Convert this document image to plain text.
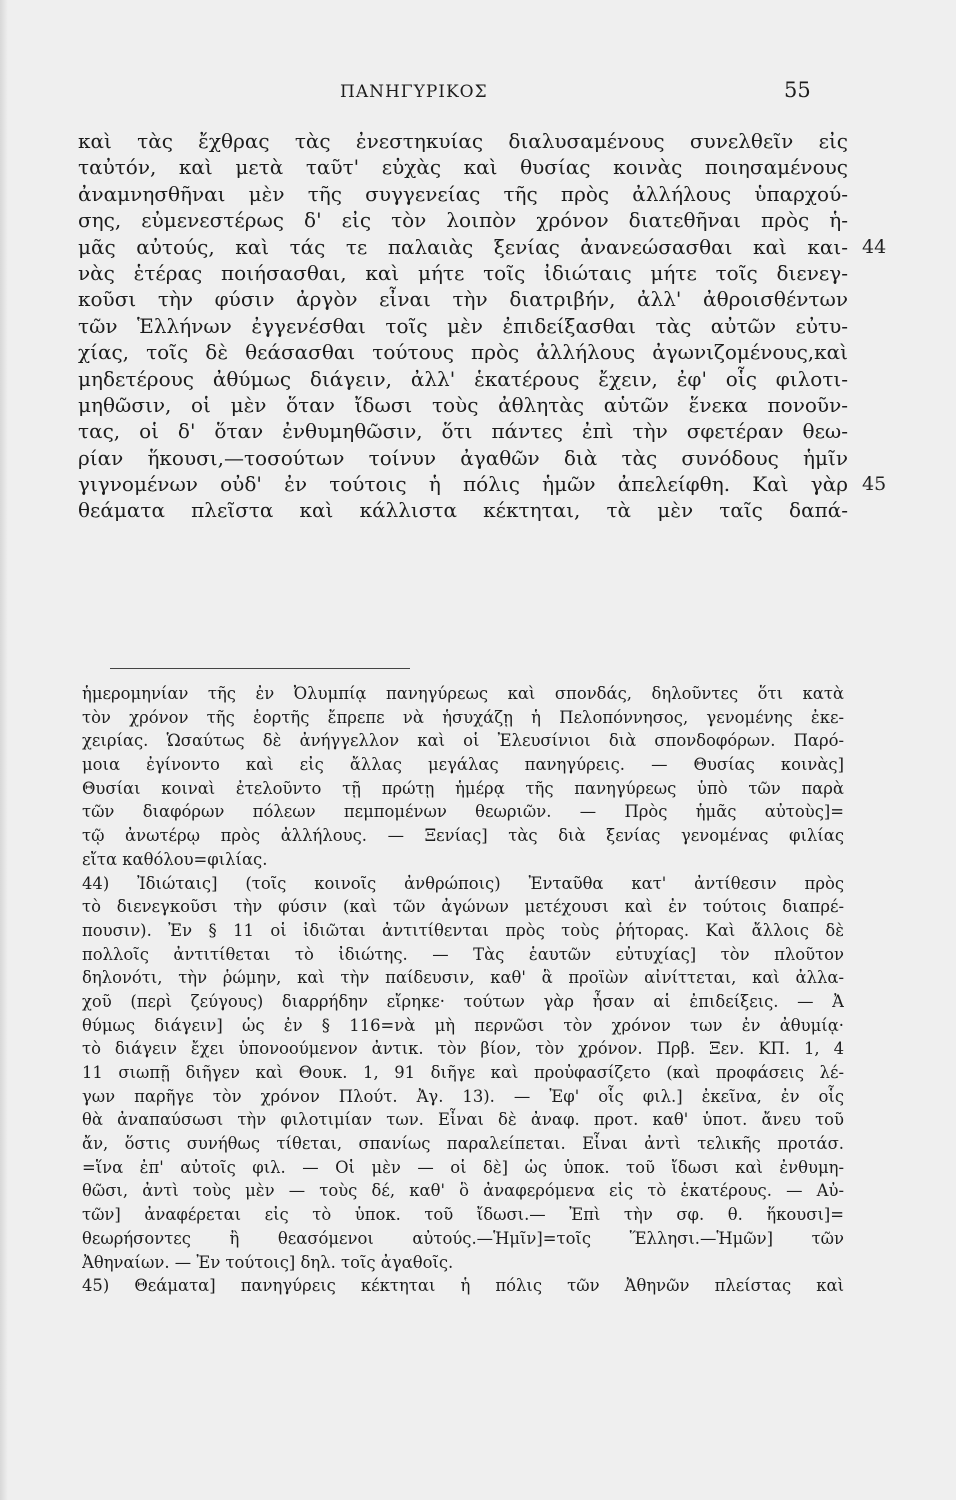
ΠΑΝΗΓΥΡΙΚΟΣ	55
καὶ τὰς ἔχθρας τὰς ἐνεστηκυίας διαλυσαμένους συνελθεῖν εἰς
ταὐτόν, καὶ μετὰ ταῦτ' εὐχὰς καὶ θυσίας κοινὰς ποιησαμένους
ἀναμνησθῆναι μὲν τῆς συγγενείας τῆς πρὸς ἀλλήλους ὑπαρχού-
σης, εὐμενεστέρως δ' εἰς τὸν λοιπὸν χρόνον διατεθῆναι πρὸς ἡ-
μᾶς αὐτούς, καὶ τάς τε παλαιὰς ξενίας ἀνανεώσασθαι καὶ και- 44
νὰς ἑτέρας ποιήσασθαι, καὶ μήτε τοῖς ἰδιώταις μήτε τοῖς διενεγ-
κοῦσι τὴν φύσιν ἀργὸν εἶναι τὴν διατριβήν, ἀλλ' ἀθροισθέντων
τῶν Ἑλλήνων ἐγγενέσθαι τοῖς μὲν ἐπιδείξασθαι τὰς αὐτῶν εὐτυ-
χίας, τοῖς δὲ θεάσασθαι τούτους πρὸς ἀλλήλους ἀγωνιζομένους,καὶ
μηδετέρους ἀθύμως διάγειν, ἀλλ' ἑκατέρους ἔχειν, ἐφ' οἷς φιλοτι-
μηθῶσιν, οἱ μὲν ὅταν ἴδωσι τοὺς ἀθλητὰς αὑτῶν ἕνεκα πονοῦν-
τας, οἱ δ' ὅταν ἐνθυμηθῶσιν, ὅτι πάντες ἐπὶ τὴν σφετέραν θεω-
ρίαν ἥκουσι,—τοσούτων τοίνυν ἀγαθῶν διὰ τὰς συνόδους ἡμῖν
γιγνομένων οὐδ' ἐν τούτοις ἡ πόλις ἡμῶν ἀπελείφθη. Καὶ γὰρ 45
θεάματα πλεῖστα καὶ κάλλιστα κέκτηται, τὰ μὲν ταῖς δαπά-
ἡμερομηνίαν τῆς ἐν Ὀλυμπίᾳ πανηγύρεως καὶ σπονδάς, δηλοῦντες ὅτι κατὰ
τὸν χρόνον τῆς ἑορτῆς ἔπρεπε νὰ ἡσυχάζῃ ἡ Πελοπόννησος, γενομένης ἐκε-
χειρίας. Ὡσαύτως δὲ ἀνήγγελλον καὶ οἱ Ἐλευσίνιοι διὰ σπονδοφόρων. Παρό-
μοια ἐγίνοντο καὶ εἰς ἄλλας μεγάλας πανηγύρεις. — Θυσίας κοινὰς]
Θυσίαι κοιναὶ ἐτελοῦντο τῇ πρώτῃ ἡμέρᾳ τῆς πανηγύρεως ὑπὸ τῶν παρὰ
τῶν διαφόρων πόλεων πεμπομένων θεωριῶν. — Πρὸς ἡμᾶς αὐτοὺς]=
τῷ ἀνωτέρῳ πρὸς ἀλλήλους. — Ξενίας] τὰς διὰ ξενίας γενομένας φιλίας
εἴτα καθόλου=φιλίας.
44) Ἰδιώταις] (τοῖς κοινοῖς ἀνθρώποις) Ἐνταῦθα κατ' ἀντίθεσιν πρὸς
τὸ διενεγκοῦσι τὴν φύσιν (καὶ τῶν ἀγώνων μετέχουσι καὶ ἐν τούτοις διαπρέ-
πουσιν). Ἐν § 11 οἱ ἰδιῶται ἀντιτίθενται πρὸς τοὺς ῥήτορας. Καὶ ἄλλοις δὲ
πολλοῖς ἀντιτίθεται τὸ ἰδιώτης. — Τὰς ἑαυτῶν εὐτυχίας] τὸν πλοῦτον
δηλονότι, τὴν ῥώμην, καὶ τὴν παίδευσιν, καθ' ἃ προϊὼν αἰνίττεται, καὶ ἀλλα-
χοῦ (περὶ ζεύγους) διαρρήδην εἴρηκε· τούτων γὰρ ἦσαν αἱ ἐπιδείξεις. — Ἀ
θύμως διάγειν] ὡς ἐν § 116=νὰ μὴ περνῶσι τὸν χρόνον των ἐν ἀθυμίᾳ·
τὸ διάγειν ἔχει ὑπονοούμενον ἀντικ. τὸν βίον, τὸν χρόνον. Πρβ. Ξεν. ΚΠ. 1, 4
11 σιωπῇ διῆγεν καὶ Θουκ. 1, 91 διῆγε καὶ προὐφασίζετο (καὶ προφάσεις λέ-
γων παρῆγε τὸν χρόνον Πλούτ. Ἀγ. 13). — Ἐφ' οἷς φιλ.] ἐκεῖνα, ἐν οἷς
θὰ ἀναπαύσωσι τὴν φιλοτιμίαν των. Εἶναι δὲ ἀναφ. προτ. καθ' ὑποτ. ἄνευ τοῦ
ἄν, ὅστις συνήθως τίθεται, σπανίως παραλείπεται. Εἶναι ἀντὶ τελικῆς προτάσ.
=ἵνα ἐπ' αὐτοῖς φιλ. — Οἱ μὲν — οἱ δὲ] ὡς ὑποκ. τοῦ ἴδωσι καὶ ἐνθυμη-
θῶσι, ἀντὶ τοὺς μὲν — τοὺς δέ, καθ' ὃ ἀναφερόμενα εἰς τὸ ἑκατέρους. — Αὐ-
τῶν] ἀναφέρεται εἰς τὸ ὑποκ. τοῦ ἴδωσι.— Ἐπὶ τὴν σφ. θ. ἥκουσι]=
θεωρήσοντες ἢ θεασόμενοι αὐτούς.—Ἡμῖν]=τοῖς Ἕλλησι.—Ἡμῶν] τῶν
Ἀθηναίων. — Ἐν τούτοις] δηλ. τοῖς ἀγαθοῖς.
45) Θεάματα] πανηγύρεις κέκτηται ἡ πόλις τῶν Ἀθηνῶν πλείστας καὶ
